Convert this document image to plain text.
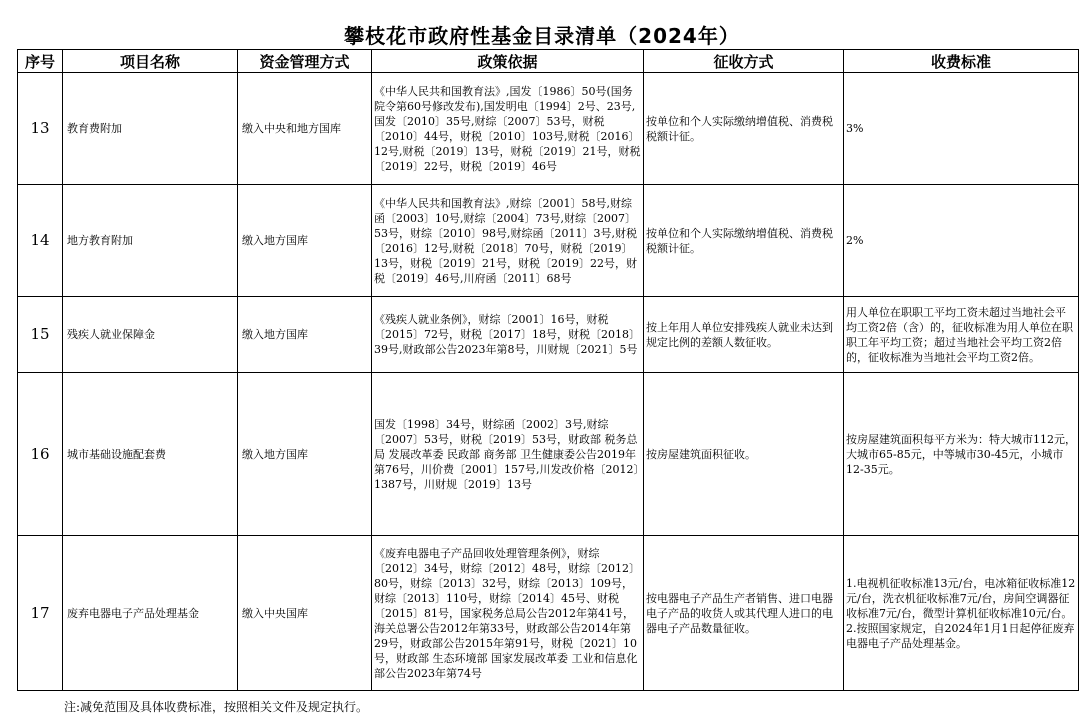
攀枝花市政府性基金目录清单（2024年）
序号	项目名称	资金管理方式	政策依据	征收方式	收费标准
13	教育费附加	缴入中央和地方国库	《中华人民共和国教育法》,国发〔1986〕50号(国务院令第60号修改发布),国发明电〔1994〕2号、23号,国发〔2010〕35号,财综〔2007〕53号，财税〔2010〕44号，财税〔2010〕103号,财税〔2016〕12号,财税〔2019〕13号，财税〔2019〕21号，财税〔2019〕22号，财税〔2019〕46号	按单位和个人实际缴纳增值税、消费税税额计征。	3%
14	地方教育附加	缴入地方国库	《中华人民共和国教育法》,财综〔2001〕58号,财综函〔2003〕10号,财综〔2004〕73号,财综〔2007〕53号，财综〔2010〕98号,财综函〔2011〕3号,财税〔2016〕12号,财税〔2018〕70号，财税〔2019〕13号，财税〔2019〕21号，财税〔2019〕22号，财税〔2019〕46号,川府函〔2011〕68号	按单位和个人实际缴纳增值税、消费税税额计征。	2%
15	残疾人就业保障金	缴入地方国库	《残疾人就业条例》，财综〔2001〕16号，财税〔2015〕72号，财税〔2017〕18号，财税〔2018〕39号,财政部公告2023年第8号，川财规〔2021〕5号	按上年用人单位安排残疾人就业未达到规定比例的差额人数征收。	用人单位在职职工平均工资未超过当地社会平均工资2倍（含）的，征收标准为用人单位在职职工年平均工资；超过当地社会平均工资2倍的，征收标准为当地社会平均工资2倍。
16	城市基础设施配套费	缴入地方国库	国发〔1998〕34号，财综函〔2002〕3号,财综〔2007〕53号，财税〔2019〕53号，财政部 税务总局 发展改革委 民政部 商务部 卫生健康委公告2019年第76号，川价费〔2001〕157号,川发改价格〔2012〕1387号，川财规〔2019〕13号	按房屋建筑面积征收。	按房屋建筑面积每平方米为：特大城市112元，大城市65-85元，中等城市30-45元，小城市12-35元。
17	废弃电器电子产品处理基金	缴入中央国库	《废弃电器电子产品回收处理管理条例》，财综〔2012〕34号，财综〔2012〕48号，财综〔2012〕80号，财综〔2013〕32号，财综〔2013〕109号，财综〔2013〕110号，财综〔2014〕45号、财税〔2015〕81号，国家税务总局公告2012年第41号，海关总署公告2012年第33号，财政部公告2014年第29号，财政部公告2015年第91号，财税〔2021〕10号，财政部 生态环境部 国家发展改革委 工业和信息化部公告2023年第74号	按电器电子产品生产者销售、进口电器电子产品的收货人或其代理人进口的电器电子产品数量征收。	1.电视机征收标准13元/台，电冰箱征收标准12元/台，洗衣机征收标准7元/台，房间空调器征收标准7元/台，微型计算机征收标准10元/台。
2.按照国家规定，自2024年1月1日起停征废弃电器电子产品处理基金。
注:减免范围及具体收费标准，按照相关文件及规定执行。
